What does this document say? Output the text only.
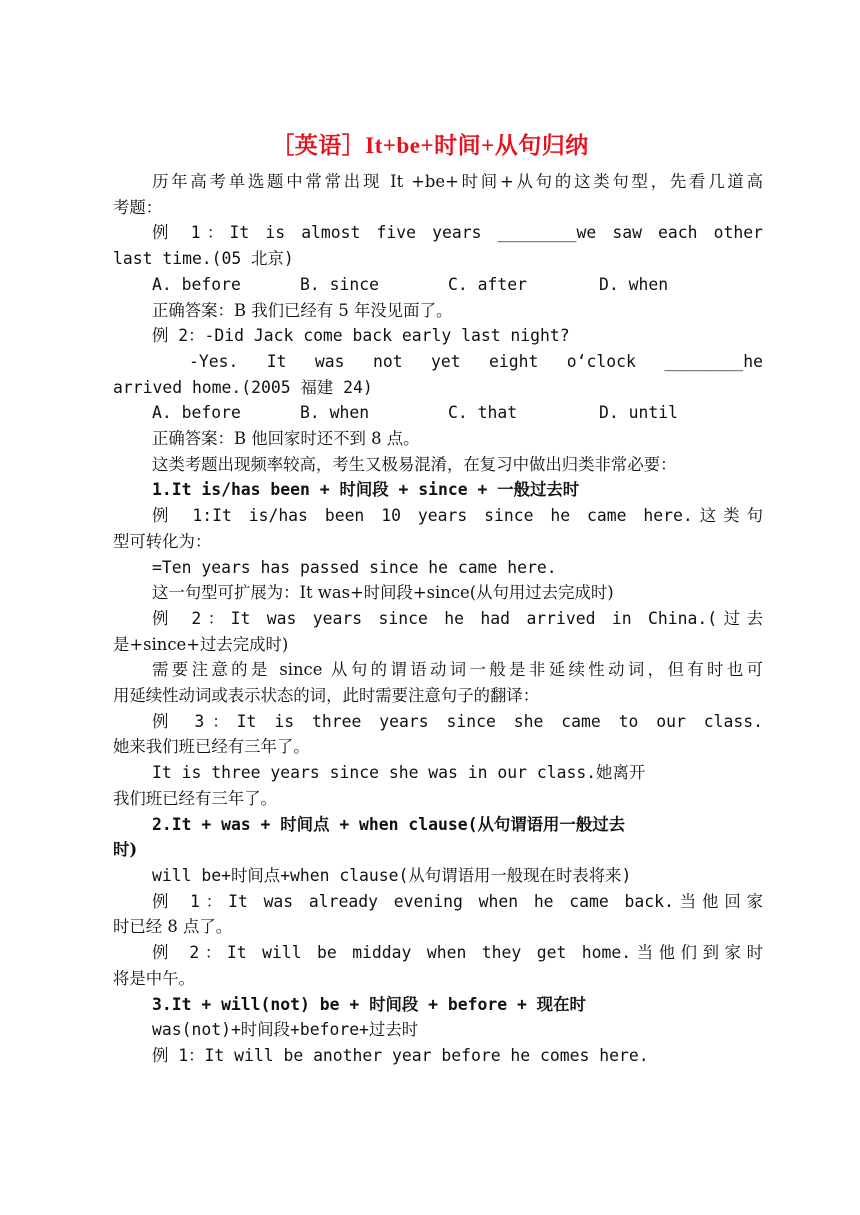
［英语］It+be+时间+从句归纳

历年高考单选题中常常出现 It +be+时间+从句的这类句型，先看几道高

考题：

例 1：It is almost five years ________we saw each other

last time.(05 北京)

A. before	B. since	C. after	D. when

正确答案：B 我们已经有 5 年没见面了。

例 2：-Did Jack come back early last night?

-Yes. It was not yet eight o‘clock ________he

arrived home.(2005 福建 24)

A. before	B. when	C. that	D. until

正确答案：B 他回家时还不到 8 点。

这类考题出现频率较高，考生又极易混淆，在复习中做出归类非常必要：

1.It is/has been + 时间段 + since + 一般过去时

例 1:It is/has been 10 years since he came here.这类句

型可转化为：

=Ten years has passed since he came here.

这一句型可扩展为：It was+时间段+since(从句用过去完成时)

例 2：It was years since he had arrived in China.(过去

是+since+过去完成时)

需要注意的是 since 从句的谓语动词一般是非延续性动词，但有时也可

用延续性动词或表示状态的词，此时需要注意句子的翻译：

例 3：It is three years since she came to our class.

她来我们班已经有三年了。

It is three years since she was in our class.她离开

我们班已经有三年了。

2.It + was + 时间点 + when clause(从句谓语用一般过去

时)

will be+时间点+when clause(从句谓语用一般现在时表将来)

例 1：It was already evening when he came back.当他回家

时已经 8 点了。

例 2：It will be midday when they get home.当他们到家时

将是中午。

3.It + will(not) be + 时间段 + before + 现在时

was(not)+时间段+before+过去时

例 1：It will be another year before he comes here.
